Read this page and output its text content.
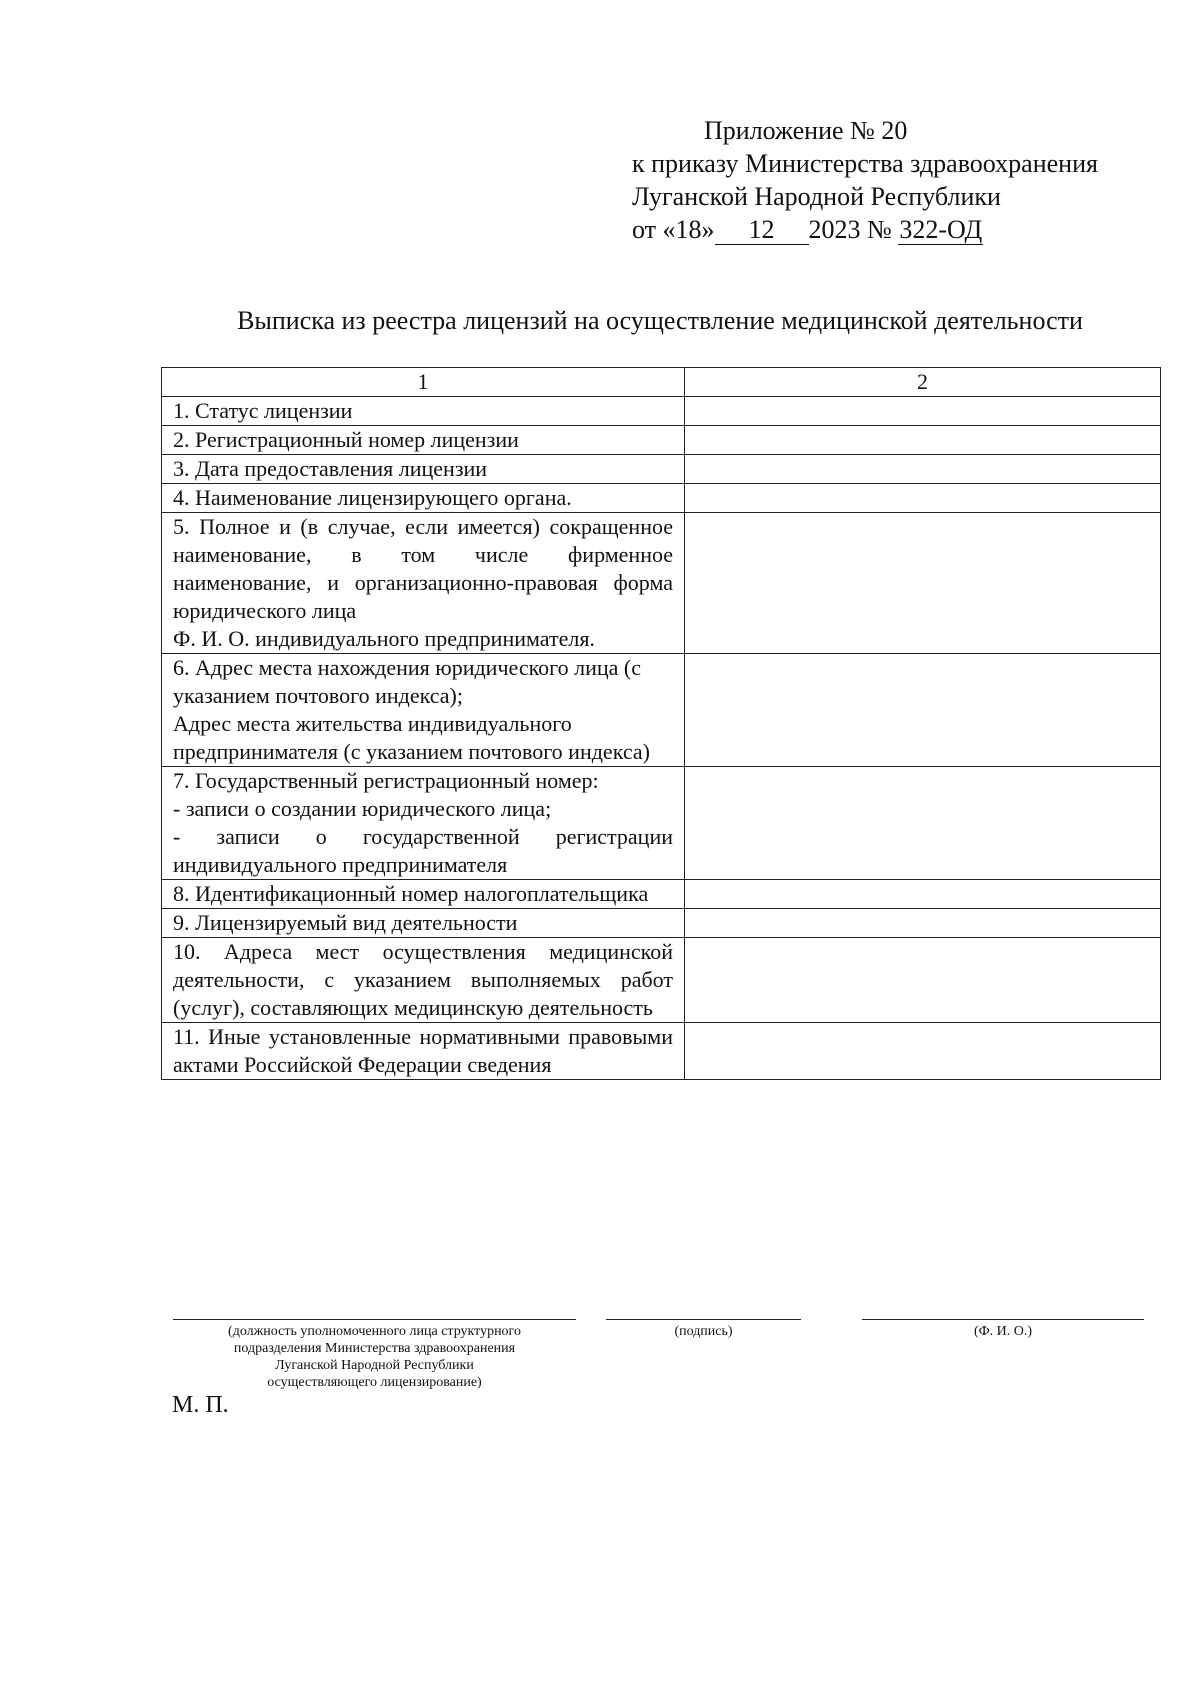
Приложение № 20
к приказу Министерства здравоохранения
Луганской Народной Республики
от «18» 12 2023 № 322-ОД
Выписка из реестра лицензий на осуществление медицинской деятельности
1	2
1. Статус лицензии	
2. Регистрационный номер лицензии	
3. Дата предоставления лицензии	
4. Наименование лицензирующего органа.	

5. Полное и (в случае, если имеется) сокращенное наименование, в том числе фирменное наименование, и организационно-правовая форма юридического лица
Ф. И. О. индивидуального предпринимателя.	

6. Адрес места нахождения юридического лица (с указанием почтового индекса);
Адрес места жительства индивидуального предпринимателя (с указанием почтового индекса)	

7. Государственный регистрационный номер:
- записи о создании юридического лица;
- записи о государственной регистрации индивидуального предпринимателя	

8. Идентификационный номер налогоплательщика	
9. Лицензируемый вид деятельности	
10. Адреса мест осуществления медицинской деятельности, с указанием выполняемых работ (услуг), составляющих медицинскую деятельность	
11. Иные установленные нормативными правовыми актами Российской Федерации сведения	
(должность уполномоченного лица структурного
подразделения Министерства здравоохранения
Луганской Народной Республики
осуществляющего лицензирование)
(подпись)	(Ф. И. О.)
М. П.
